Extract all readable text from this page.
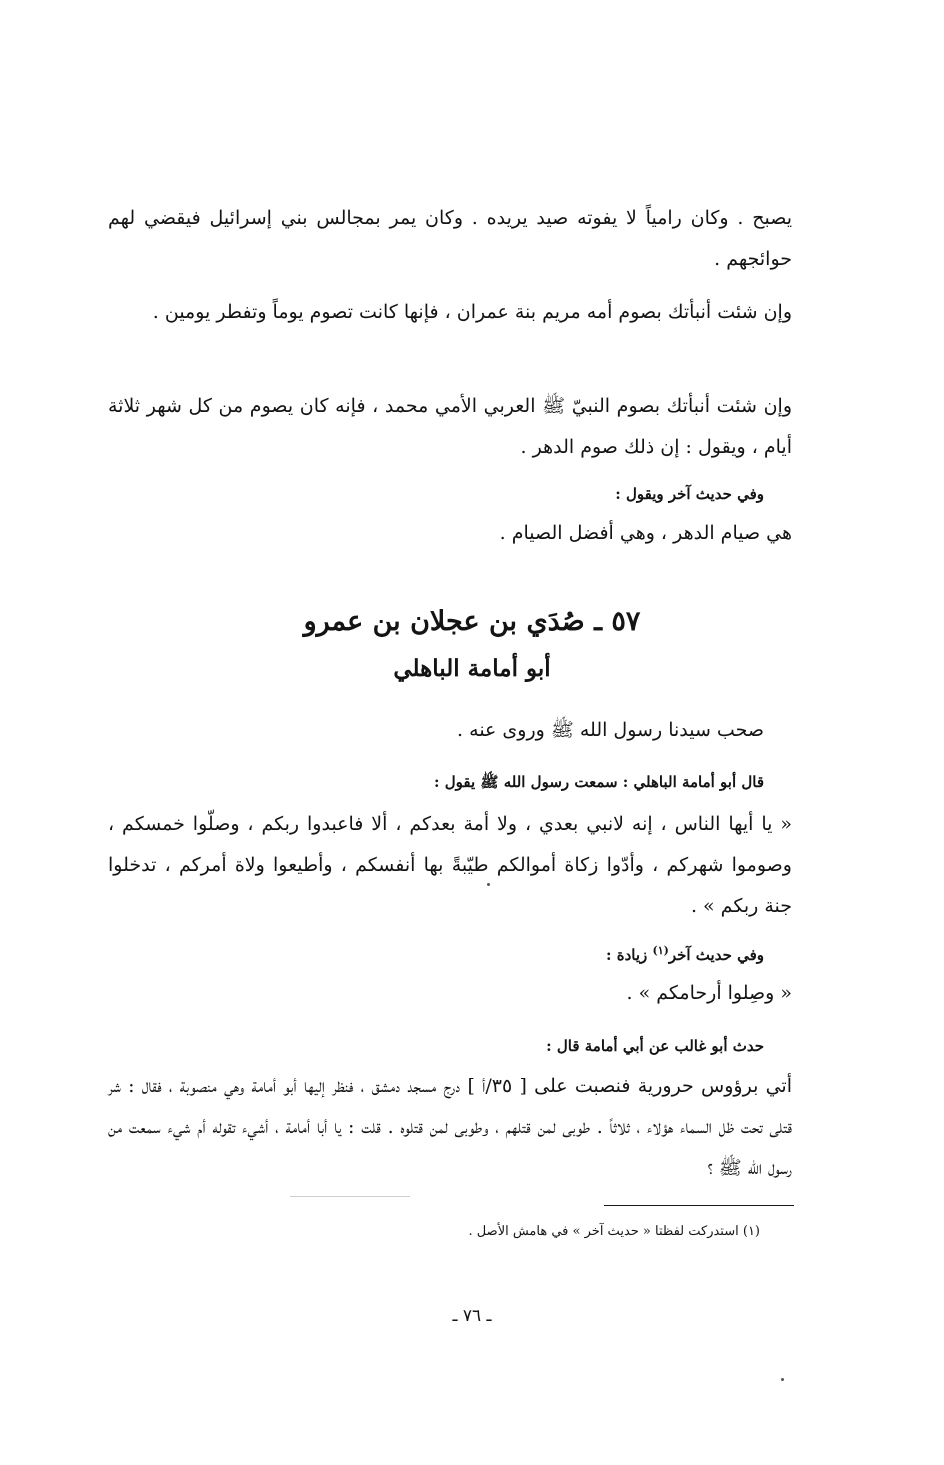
يصبح . وكان رامياً لا يفوته صيد يريده . وكان يمر بمجالس بني إسرائيل فيقضي لهم حوائجهم .

وإن شئت أنبأتك بصوم أمه مريم بنة عمران ، فإنها كانت تصوم يوماً وتفطر يومين .

وإن شئت أنبأتك بصوم النبيّ ﷺ العربي الأمي محمد ، فإنه كان يصوم من كل شهر ثلاثة أيام ، ويقول : إن ذلك صوم الدهر .

وفي حديث آخر ويقول :

هي صيام الدهر ، وهي أفضل الصيام .

٥٧ ـ صُدَي بن عجلان بن عمرو
أبو أمامة الباهلي

صحب سيدنا رسول الله ﷺ وروى عنه .

قال أبو أمامة الباهلي : سمعت رسول الله ﷺ يقول :

« يا أيها الناس ، إنه لانبي بعدي ، ولا أمة بعدكم ، ألا فاعبدوا ربكم ، وصلّوا خمسكم ، وصوموا شهركم ، وأدّوا زكاة أموالكم طيّبةً بها أنفسكم ، وأطيعوا ولاة أمركم ، تدخلوا جنة ربكم » .

وفي حديث آخر$^{(١)}$ زيادة :

« وصِلوا أرحامكم » .

حدث أبو غالب عن أبي أمامة قال :

أتي برؤوس حرورية فنصبت على [ ٣٥/أ ] درج مسجد دمشق ، فنظر إليها أبو أمامة وهي منصوبة ، فقال : شر قتلى تحت ظل السماء هؤلاء ، ثلاثاً . طوبى لمن قتلهم ، وطوبى لمن قتلوه . قلت : يا أبا أمامة ، أشيء تقوله أم شيء سمعت من رسول الله ﷺ ؟

(١) استدركت لفظتا « حديث آخر » في هامش الأصل .

ـ ٧٦ ـ
